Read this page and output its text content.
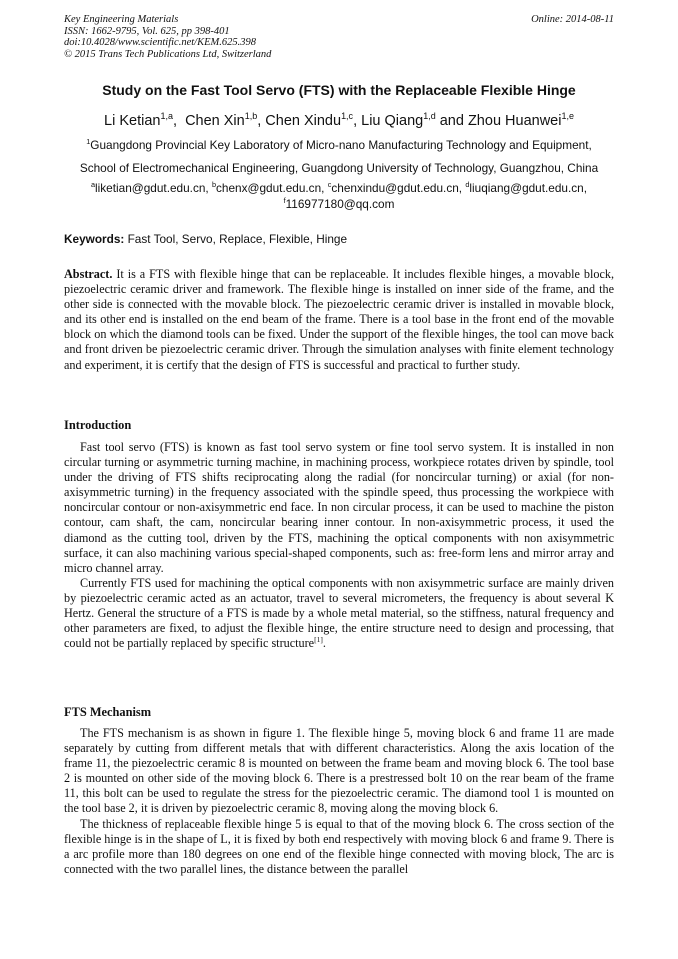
Key Engineering Materials
ISSN: 1662-9795, Vol. 625, pp 398-401
doi:10.4028/www.scientific.net/KEM.625.398
© 2015 Trans Tech Publications Ltd, Switzerland
Online: 2014-08-11
Study on the Fast Tool Servo (FTS) with the Replaceable Flexible Hinge
Li Ketian$^{1,a}$,  Chen Xin$^{1,b}$, Chen Xindu$^{1,c}$, Liu Qiang$^{1,d}$ and Zhou Huanwei$^{1,e}$
$^1$Guangdong Provincial Key Laboratory of Micro-nano Manufacturing Technology and Equipment,
School of Electromechanical Engineering, Guangdong University of Technology, Guangzhou, China
$^a$liketian@gdut.edu.cn, $^b$chenx@gdut.edu.cn, $^c$chenxindu@gdut.edu.cn, $^d$liuqiang@gdut.edu.cn,
$^f$116977180@qq.com
Keywords: Fast Tool, Servo, Replace, Flexible, Hinge

Abstract. It is a FTS with flexible hinge that can be replaceable. It includes flexible hinges, a movable block, piezoelectric ceramic driver and framework. The flexible hinge is installed on inner side of the frame, and the other side is connected with the movable block. The piezoelectric ceramic driver is installed in movable block, and its other end is installed on the end beam of the frame. There is a tool base in the front end of the movable block on which the diamond tools can be fixed. Under the support of the flexible hinges, the tool can move back and front driven be piezoelectric ceramic driver. Through the simulation analyses with finite element technology and experiment, it is certify that the design of FTS is successful and practical to further study.

Introduction

Fast tool servo (FTS) is known as fast tool servo system or fine tool servo system. It is installed in non circular turning or asymmetric turning machine, in machining process, workpiece rotates driven by spindle, tool under the driving of FTS shifts reciprocating along the radial (for noncircular turning) or axial (for non-axisymmetric turning) in the frequency associated with the spindle speed, thus processing the workpiece with noncircular contour or non-axisymmetric end face. In non circular process, it can be used to machine the piston contour, cam shaft, the cam, noncircular bearing inner contour. In non-axisymmetric process, it used the diamond as the cutting tool, driven by the FTS, machining the optical components with non axisymmetric surface, it can also machining various special-shaped components, such as: free-form lens and mirror array and micro channel array.

Currently FTS used for machining the optical components with non axisymmetric surface are mainly driven by piezoelectric ceramic acted as an actuator, travel to several micrometers, the frequency is about several K Hertz. General the structure of a FTS is made by a whole metal material, so the stiffness, natural frequency and other parameters are fixed, to adjust the flexible hinge, the entire structure need to design and processing, that could not be partially replaced by specific structure[1].

FTS Mechanism

The FTS mechanism is as shown in figure 1. The flexible hinge 5, moving block 6 and frame 11 are made separately by cutting from different metals that with different characteristics. Along the axis location of the frame 11, the piezoelectric ceramic 8 is mounted on between the frame beam and moving block 6. The tool base 2 is mounted on other side of the moving block 6. There is a prestressed bolt 10 on the rear beam of the frame 11, this bolt can be used to regulate the stress for the piezoelectric ceramic. The diamond tool 1 is mounted on the tool base 2, it is driven by piezoelectric ceramic 8, moving along the moving block 6.

The thickness of replaceable flexible hinge 5 is equal to that of the moving block 6. The cross section of the flexible hinge is in the shape of L, it is fixed by both end respectively with moving block 6 and frame 9. There is a arc profile more than 180 degrees on one end of the flexible hinge connected with moving block, The arc is connected with the two parallel lines, the distance between the parallel
